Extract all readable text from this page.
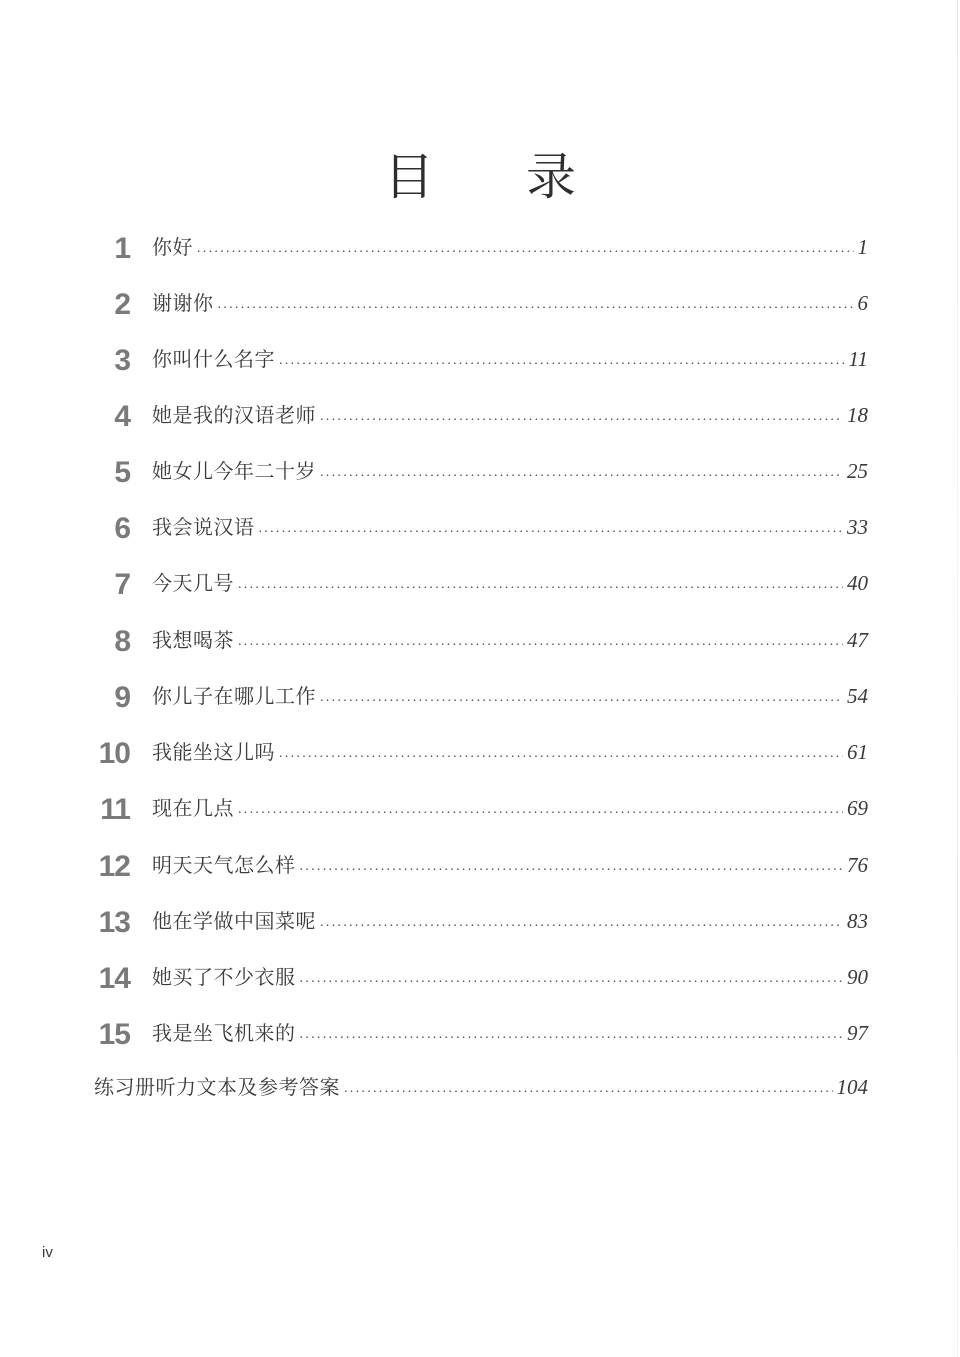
目 录
1 你好 . . .	1
2 谢谢你 . . .	6
3 你叫什么名字 . . .	11
4 她是我的汉语老师 . . .	18
5 她女儿今年二十岁 . . .	25
6 我会说汉语 . . .	33
7 今天几号 . . .	40
8 我想喝茶 . . .	47
9 你儿子在哪儿工作 . . .	54
10 我能坐这儿吗 . . .	61
11 现在几点 . . .	69
12 明天天气怎么样 . . .	76
13 他在学做中国菜呢 . . .	83
14 她买了不少衣服 . . .	90
15 我是坐飞机来的 . . .	97
练习册听力文本及参考答案 . . .	104
iv
